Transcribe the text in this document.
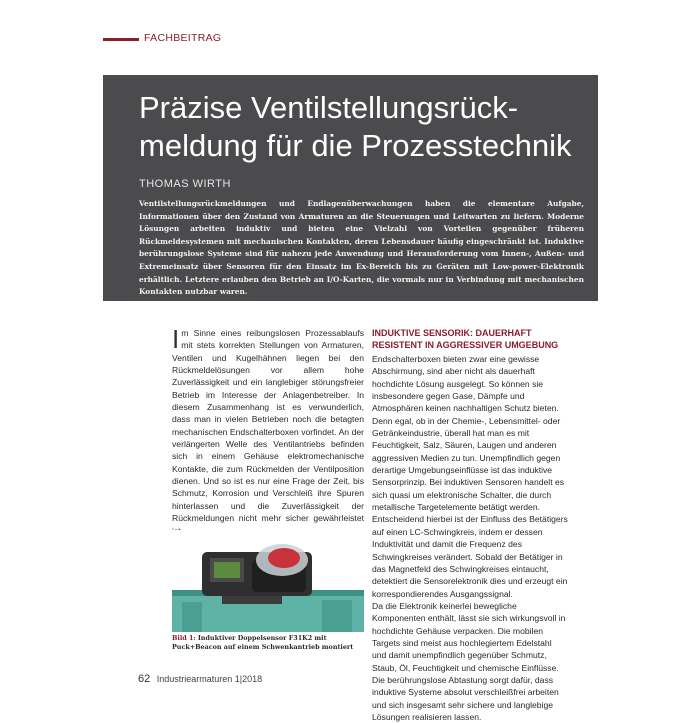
FACHBEITRAG
Präzise Ventilstellungsrück-meldung für die Prozesstechnik
THOMAS WIRTH
Ventilstellungsrückmeldungen und Endlagenüberwachungen haben die elementare Aufgabe, Informationen über den Zustand von Armaturen an die Steuerungen und Leitwarten zu liefern. Moderne Lösungen arbeiten induktiv und bieten eine Vielzahl von Vorteilen gegenüber früheren Rückmeldesystemen mit mechanischen Kontakten, deren Lebensdauer häufig eingeschränkt ist. Induktive berührungslose Systeme sind für nahezu jede Anwendung und Herausforderung vom Innen-, Außen- und Extremeinsatz über Sensoren für den Einsatz im Ex-Bereich bis zu Geräten mit Low-power-Elektronik erhältlich. Letztere erlauben den Betrieb an I/O-Karten, die vormals nur in Verbindung mit mechanischen Kontakten nutzbar waren.
Im Sinne eines reibungslosen Prozessablaufs mit stets korrekten Stellungen von Armaturen, Ventilen und Kugelhähnen liegen bei den Rückmeldelösungen vor allem hohe Zuverlässigkeit und ein langlebiger störungsfreier Betrieb im Interesse der Anlagenbetreiber. In diesem Zusammenhang ist es verwunderlich, dass man in vielen Betrieben noch die betagten mechanischen Endschalterboxen vorfindet. An der verlängerten Welle des Ventilantriebs befinden sich in einem Gehäuse elektromechanische Kontakte, die zum Rückmelden der Ventilposition dienen. Und so ist es nur eine Frage der Zeit, bis Schmutz, Korrosion und Verschleiß ihre Spuren hinterlassen und die Zuverlässigkeit der Rückmeldungen nicht mehr sicher gewährleistet
Bild 1: Induktiver Doppelsensor F31K2 mit Puck+Beacon auf einem Schwenkantrieb montiert
INDUKTIVE SENSORIK: DAUERHAFT RESISTENT IN AGGRESSIVER UMGEBUNG
Endschalterboxen bieten zwar eine gewisse Abschirmung, sind aber nicht als dauerhaft hochdichte Lösung ausgelegt. So können sie insbesondere gegen Gase, Dämpfe und Atmosphären keinen nachhaltigen Schutz bieten. Denn egal, ob in der Chemie-, Lebensmittel- oder Getränkeindustrie, überall hat man es mit Feuchtigkeit, Salz, Säuren, Laugen und anderen aggressiven Medien zu tun. Unempfindlich gegen derartige Umgebungseinflüsse ist das induktive Sensorprinzip. Bei induktiven Sensoren handelt es sich quasi um elektronische Schalter, die durch metallische Targetelemente betätigt werden. Entscheidend hierbei ist der Einfluss des Betätigers auf einen LC-Schwingkreis, indem er dessen Induktivität und damit die Frequenz des Schwingkreises verändert. Sobald der Betätiger in das Magnetfeld des Schwingkreises eintaucht, detektiert die Sensorelektronik dies und erzeugt ein korrespondierendes Ausgangssignal.
Da die Elektronik keinerlei bewegliche Komponenten enthält, lässt sie sich wirkungsvoll in hochdichte Gehäuse verpacken. Die mobilen Targets sind meist aus hochlegiertem Edelstahl und damit unempfindlich gegenüber Schmutz, Staub, Öl, Feuchtigkeit und chemische Einflüsse. Die berührungslose Abtastung sorgt dafür, dass induktive Systeme absolut verschleißfrei arbeiten und sich insgesamt sehr sichere und langlebige Lösungen realisieren lassen.
62 Industriearmaturen 1|2018
